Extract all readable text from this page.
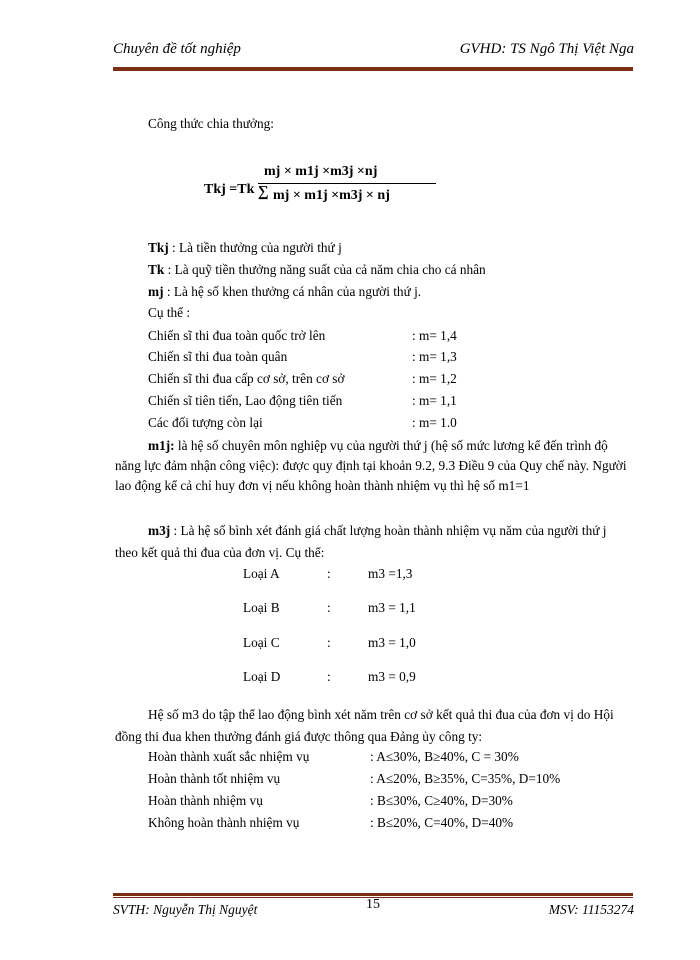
Chuyên đề tốt nghiệp	GVHD: TS Ngô Thị Việt Nga
Công thức chia thưởng:
Tkj =Tk
mj × m1j ×m3j ×nj
∑ mj × m1j ×m3j × nj
Tkj : Là tiền thưởng của người thứ j
Tk : Là quỹ tiền thưởng năng suất của cả năm chia cho cá nhân
mj : Là hệ số khen thưởng cá nhân của người thứ j.
Cụ thể :
Chiến sĩ thi đua toàn quốc trở lên	: m= 1,4
Chiến sĩ thi đua toàn quân	: m= 1,3
Chiến sĩ thi đua cấp cơ sở, trên cơ sở	: m= 1,2
Chiến sĩ tiên tiến, Lao động tiên tiến	: m= 1,1
Các đối tượng còn lại	: m= 1.0
m1j: là hệ số chuyên môn nghiệp vụ của người thứ j (hệ số mức lương kể đến trình độ năng lực đảm nhận công việc): được quy định tại khoản 9.2, 9.3 Điều 9 của Quy chế này. Người lao động kể cả chỉ huy đơn vị nếu không hoàn thành nhiệm vụ thì hệ số m1=1
m3j : Là hệ số bình xét đánh giá chất lượng hoàn thành nhiệm vụ năm của người thứ j theo kết quả thi đua của đơn vị. Cụ thể:
Loại A	:	m3 =1,3
Loại B	:	m3 = 1,1
Loại C	:	m3 = 1,0
Loại D	:	m3 = 0,9
Hệ số m3 do tập thể lao động bình xét năm trên cơ sở kết quả thi đua của đơn vị do Hội đồng thi đua khen thưởng đánh giá được thông qua Đảng ủy công ty:
Hoàn thành xuất sắc nhiệm vụ	: A≤30%, B≥40%, C = 30%
Hoàn thành tốt nhiệm vụ	: A≤20%, B≥35%, C=35%, D=10%
Hoàn thành nhiệm vụ	: B≤30%, C≥40%, D=30%
Không hoàn thành nhiệm vụ	: B≤20%, C=40%, D=40%
15
SVTH: Nguyễn Thị Nguyệt	MSV: 11153274
